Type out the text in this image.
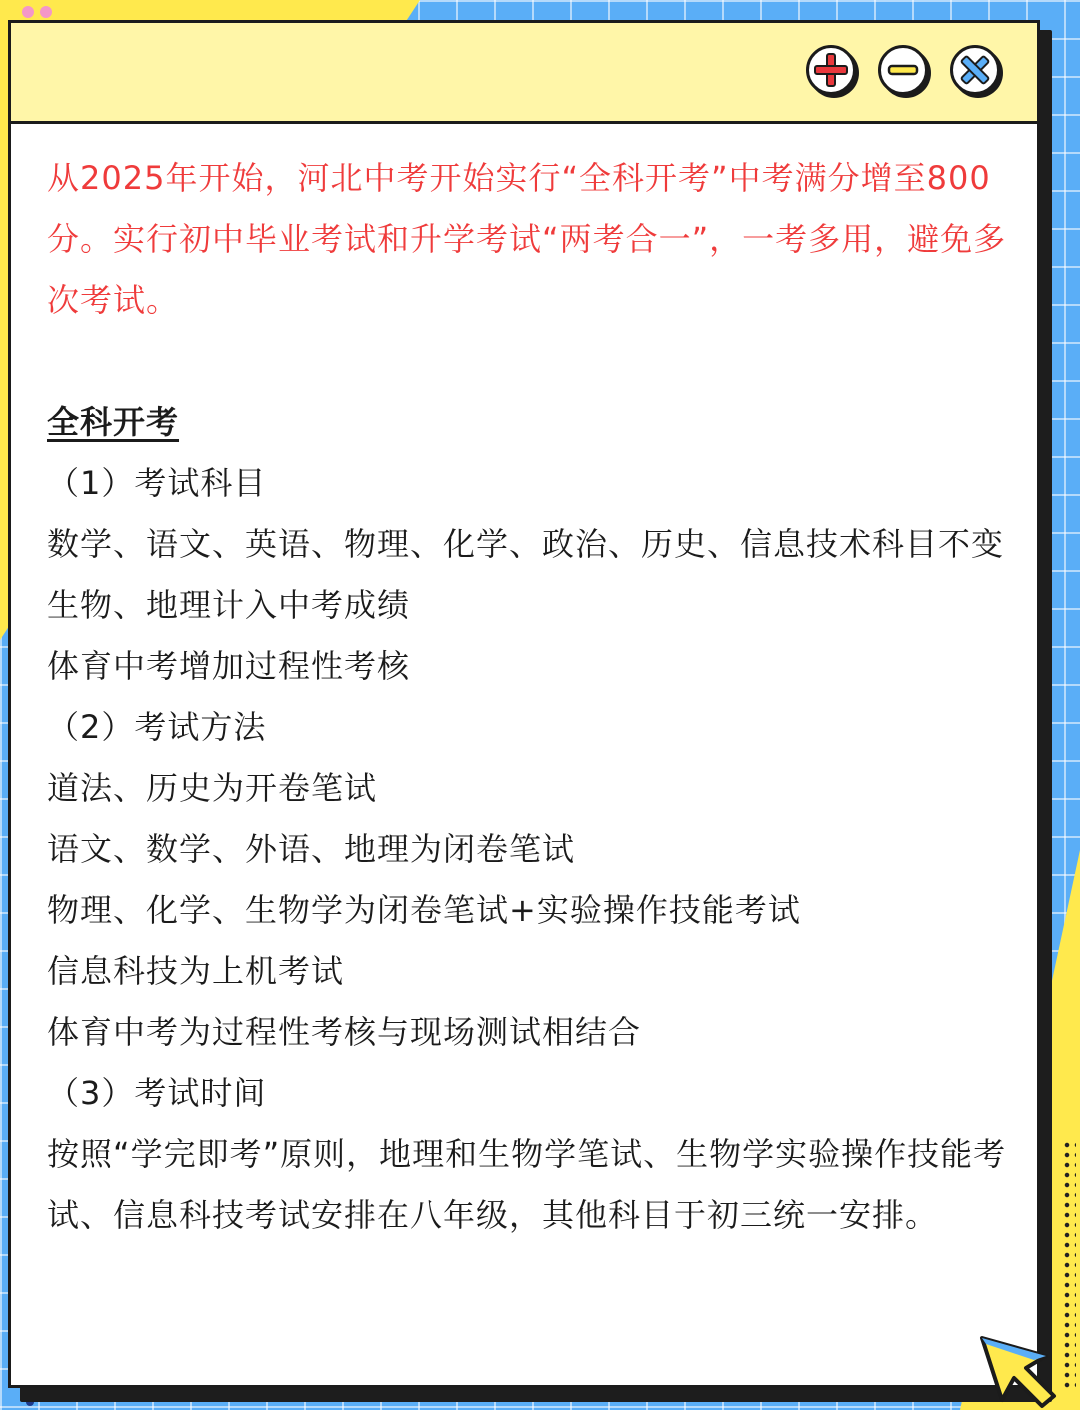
从2025年开始，河北中考开始实行“全科开考”中考满分增至800分。实行初中毕业考试和升学考试“两考合一”，一考多用，避免多次考试。

全科开考

（1）考试科目

数学、语文、英语、物理、化学、政治、历史、信息技术科目不变

生物、地理计入中考成绩

体育中考增加过程性考核

（2）考试方法

道法、历史为开卷笔试

语文、数学、外语、地理为闭卷笔试

物理、化学、生物学为闭卷笔试+实验操作技能考试

信息科技为上机考试

体育中考为过程性考核与现场测试相结合

（3）考试时间

按照“学完即考”原则，地理和生物学笔试、生物学实验操作技能考试、信息科技考试安排在八年级，其他科目于初三统一安排。
